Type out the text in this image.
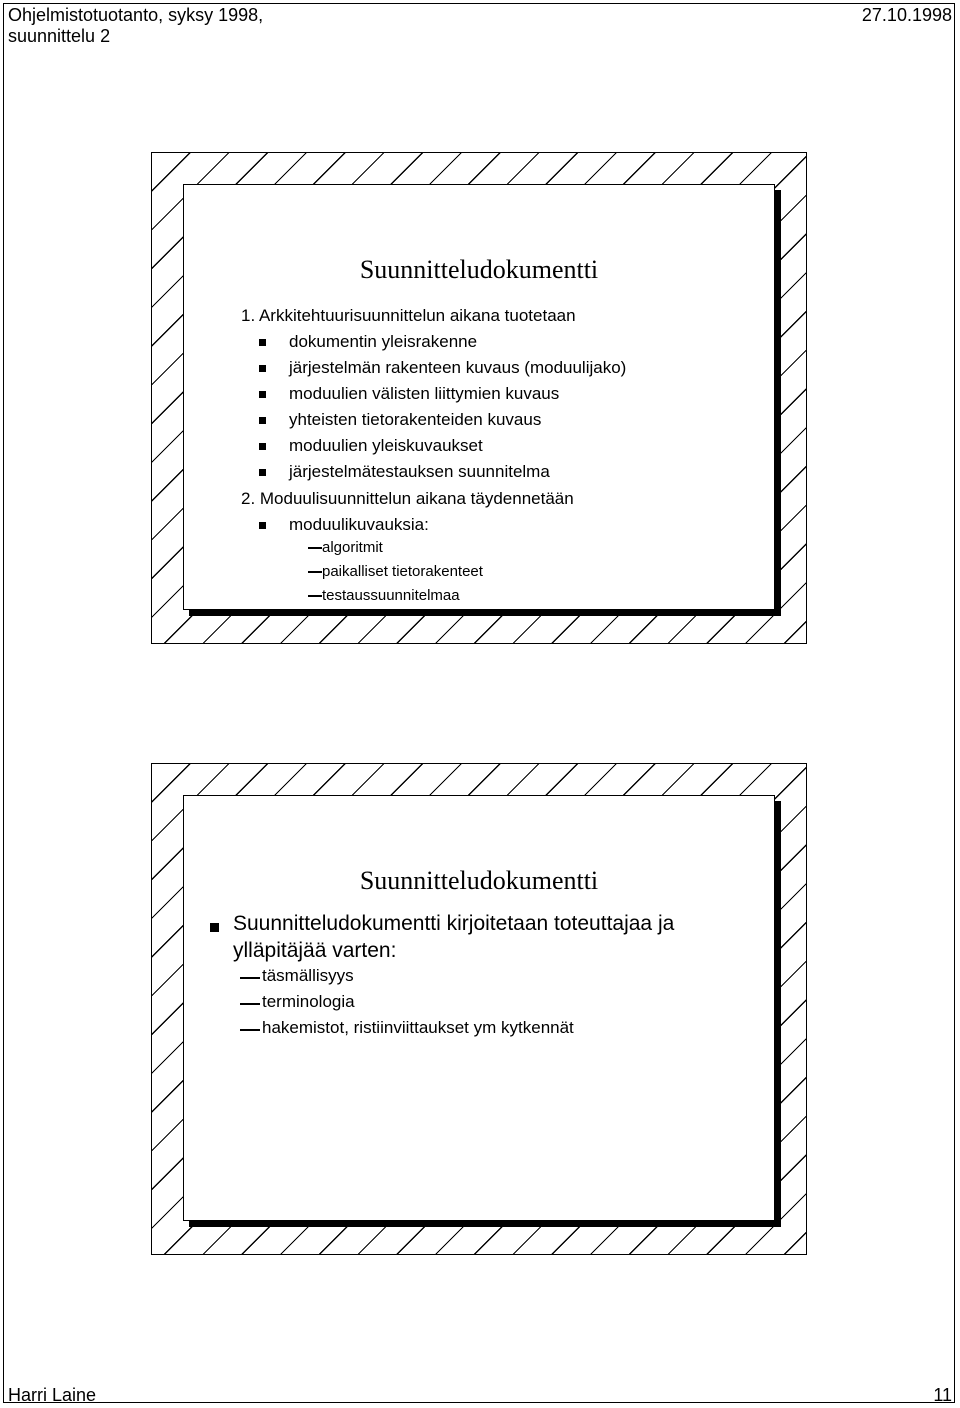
Ohjelmistotuotanto, syksy 1998,
suunnittelu 2
27.10.1998
Suunnitteludokumentti
1. Arkkitehtuurisuunnittelun aikana tuotetaan
dokumentin yleisrakenne
järjestelmän rakenteen kuvaus (moduulijako)
moduulien välisten liittymien kuvaus
yhteisten tietorakenteiden kuvaus
moduulien yleiskuvaukset
järjestelmätestauksen suunnitelma
2. Moduulisuunnittelun aikana täydennetään
moduulikuvauksia:
algoritmit
paikalliset tietorakenteet
testaussuunnitelmaa
Suunnitteludokumentti
Suunnitteludokumentti kirjoitetaan toteuttajaa ja
ylläpitäjää varten:
täsmällisyys
terminologia
hakemistot, ristiinviittaukset ym kytkennät
Harri Laine	11
